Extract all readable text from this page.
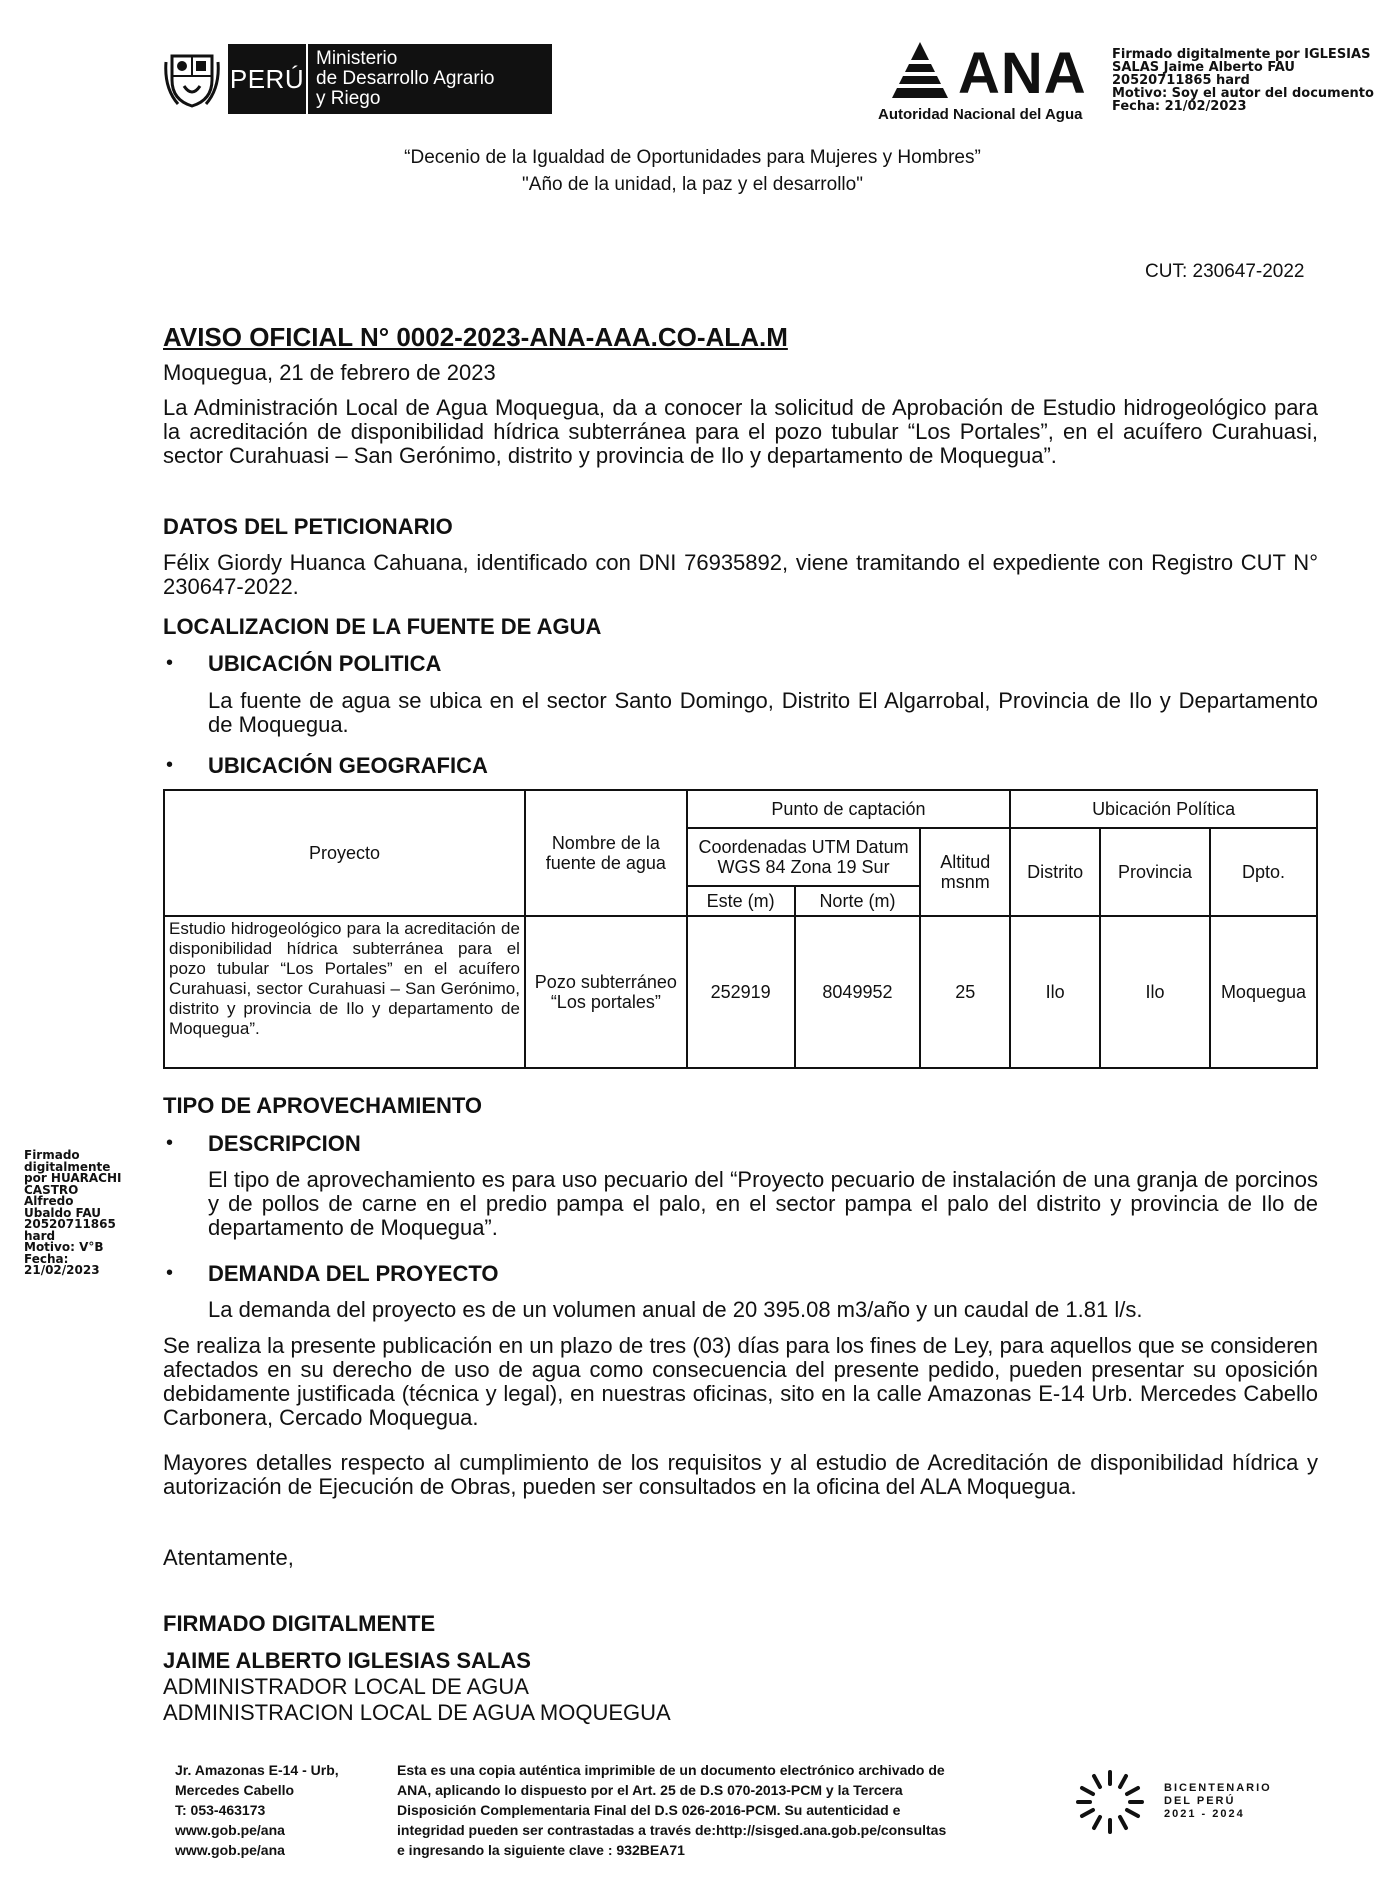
PERÚ
Ministerio
de Desarrollo Agrario
y Riego	ANA
Autoridad Nacional del Agua
Firmado digitalmente por IGLESIAS
SALAS Jaime Alberto FAU
20520711865 hard
Motivo: Soy el autor del documento
Fecha: 21/02/2023
“Decenio de la Igualdad de Oportunidades para Mujeres y Hombres”
"Año de la unidad, la paz y el desarrollo"
CUT: 230647-2022
AVISO OFICIAL N° 0002-2023-ANA-AAA.CO-ALA.M
Moquegua, 21 de febrero de 2023
La Administración Local de Agua Moquegua, da a conocer la solicitud de Aprobación de Estudio hidrogeológico para la acreditación de disponibilidad hídrica subterránea para el pozo tubular “Los Portales”, en el acuífero Curahuasi, sector Curahuasi – San Gerónimo, distrito y provincia de Ilo y departamento de Moquegua”.
DATOS DEL PETICIONARIO
Félix Giordy Huanca Cahuana, identificado con DNI 76935892, viene tramitando el expediente con Registro CUT N° 230647-2022.
LOCALIZACION DE LA FUENTE DE AGUA
• UBICACIÓN POLITICA
La fuente de agua se ubica en el sector Santo Domingo, Distrito El Algarrobal, Provincia de Ilo y Departamento de Moquegua.
• UBICACIÓN GEOGRAFICA
Proyecto	Nombre de la fuente de agua	Punto de captación			Ubicación Política		
		Coordenadas UTM Datum WGS 84 Zona 19 Sur		Altitud msnm	Distrito	Provincia	Dpto.
		Este (m)	Norte (m)				
Estudio hidrogeológico para la acreditación de disponibilidad hídrica subterránea para el pozo tubular “Los Portales” en el acuífero Curahuasi, sector Curahuasi – San Gerónimo, distrito y provincia de Ilo y departamento de Moquegua”.	Pozo subterráneo “Los portales”	252919	8049952	25	Ilo	Ilo	Moquegua
TIPO DE APROVECHAMIENTO
• DESCRIPCION
El tipo de aprovechamiento es para uso pecuario del “Proyecto pecuario de instalación de una granja de porcinos y de pollos de carne en el predio pampa el palo, en el sector pampa el palo del distrito y provincia de Ilo de departamento de Moquegua”.
• DEMANDA DEL PROYECTO
La demanda del proyecto es de un volumen anual de 20 395.08 m3/año y un caudal de 1.81 l/s.
Se realiza la presente publicación en un plazo de tres (03) días para los fines de Ley, para aquellos que se consideren afectados en su derecho de uso de agua como consecuencia del presente pedido, pueden presentar su oposición debidamente justificada (técnica y legal), en nuestras oficinas, sito en la calle Amazonas E-14 Urb. Mercedes Cabello Carbonera, Cercado Moquegua.
Mayores detalles respecto al cumplimiento de los requisitos y al estudio de Acreditación de disponibilidad hídrica y autorización de Ejecución de Obras, pueden ser consultados en la oficina del ALA Moquegua.
Atentamente,
FIRMADO DIGITALMENTE
JAIME ALBERTO IGLESIAS SALAS
ADMINISTRADOR LOCAL DE AGUA
ADMINISTRACION LOCAL DE AGUA MOQUEGUA
Firmado
digitalmente
por HUARACHI
CASTRO
Alfredo
Ubaldo FAU
20520711865
hard
Motivo: V°B
Fecha:
21/02/2023
Jr. Amazonas E-14 - Urb,
Mercedes Cabello
T: 053-463173
www.gob.pe/ana
www.gob.pe/ana
Esta es una copia auténtica imprimible de un documento electrónico archivado de
ANA, aplicando lo dispuesto por el Art. 25 de D.S 070-2013-PCM y la Tercera
Disposición Complementaria Final del D.S 026-2016-PCM. Su autenticidad e
integridad pueden ser contrastadas a través de:http://sisged.ana.gob.pe/consultas
e ingresando la siguiente clave : 932BEA71
BICENTENARIO
DEL PERÚ
2021 - 2024
